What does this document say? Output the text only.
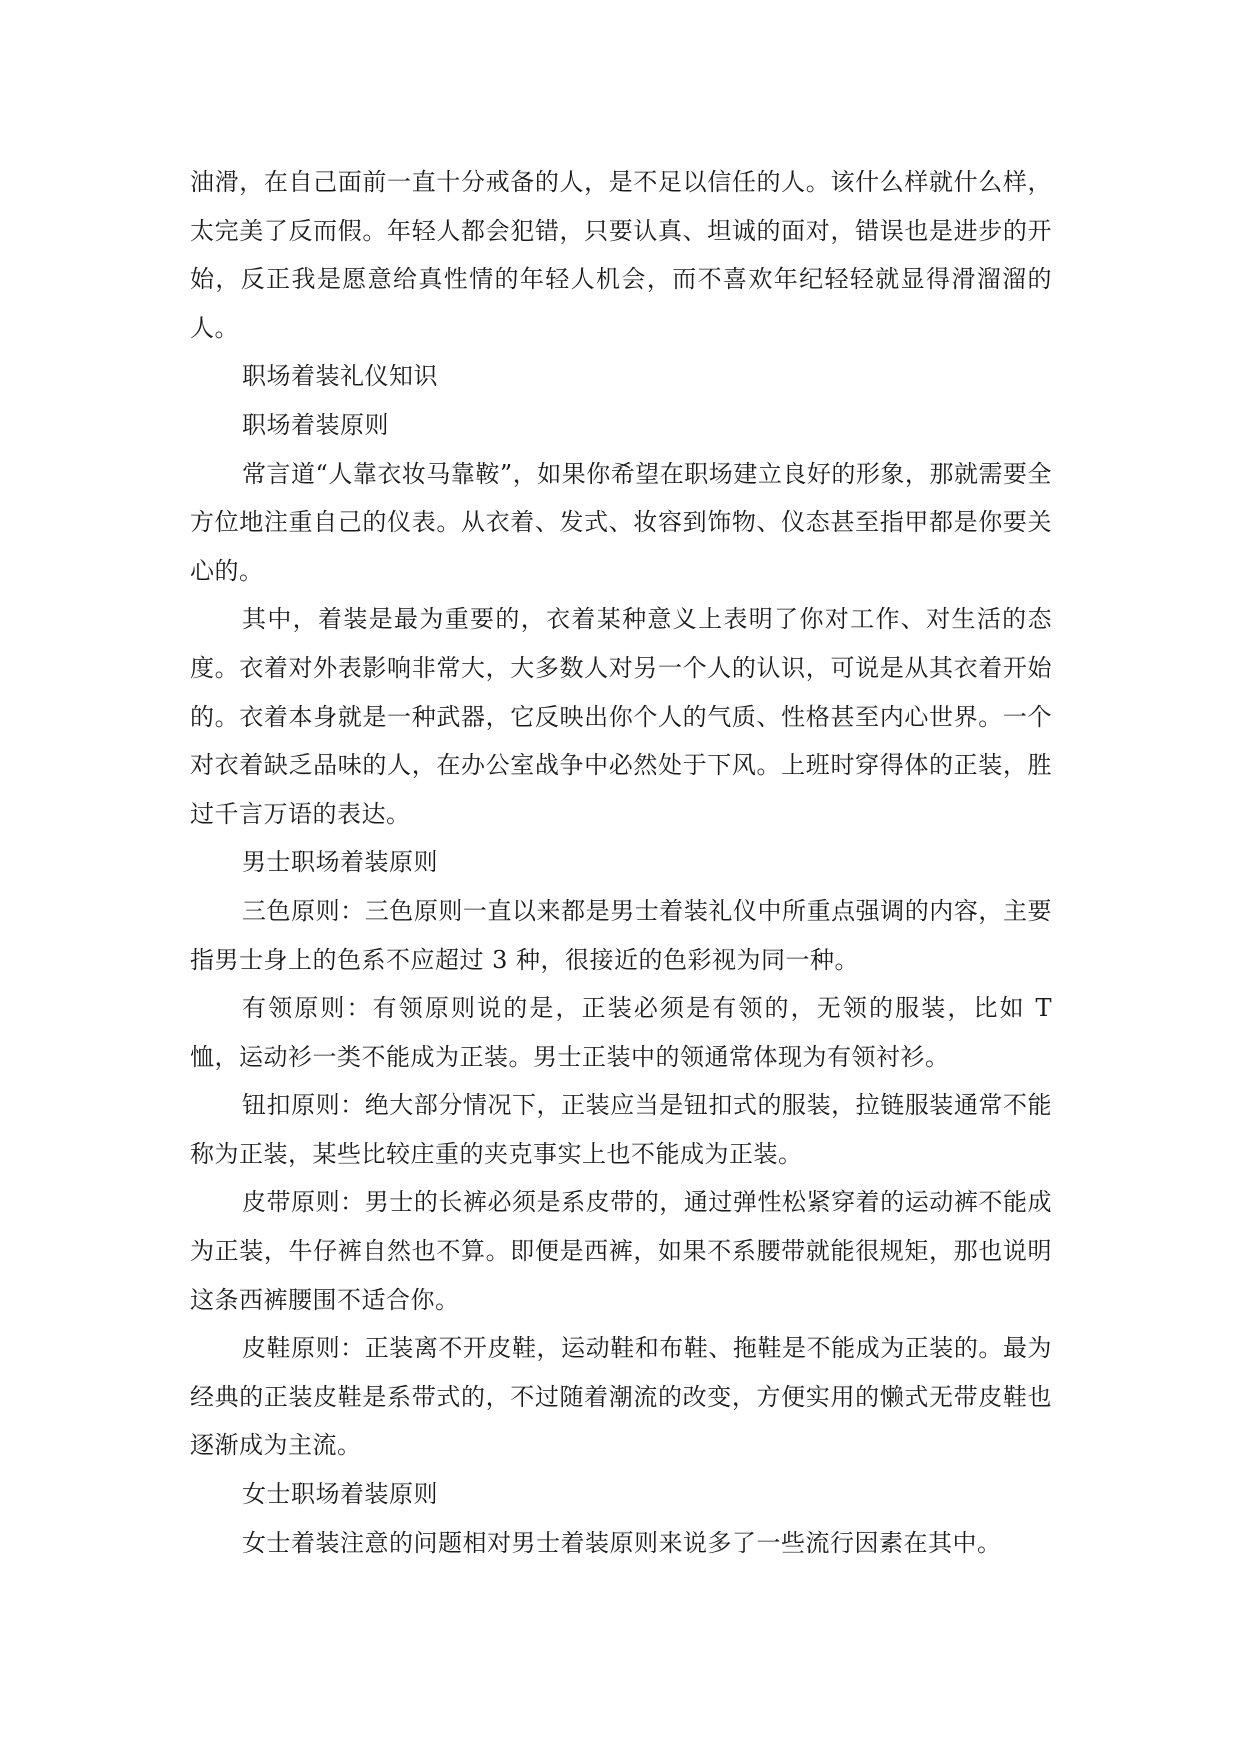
油滑，在自己面前一直十分戒备的人，是不足以信任的人。该什么样就什么样，太完美了反而假。年轻人都会犯错，只要认真、坦诚的面对，错误也是进步的开始，反正我是愿意给真性情的年轻人机会，而不喜欢年纪轻轻就显得滑溜溜的人。

职场着装礼仪知识

职场着装原则

常言道“人靠衣妆马靠鞍”，如果你希望在职场建立良好的形象，那就需要全方位地注重自己的仪表。从衣着、发式、妆容到饰物、仪态甚至指甲都是你要关心的。

其中，着装是最为重要的，衣着某种意义上表明了你对工作、对生活的态度。衣着对外表影响非常大，大多数人对另一个人的认识，可说是从其衣着开始的。衣着本身就是一种武器，它反映出你个人的气质、性格甚至内心世界。一个对衣着缺乏品味的人，在办公室战争中必然处于下风。上班时穿得体的正装，胜过千言万语的表达。

男士职场着装原则

三色原则：三色原则一直以来都是男士着装礼仪中所重点强调的内容，主要指男士身上的色系不应超过 3 种，很接近的色彩视为同一种。

有领原则：有领原则说的是，正装必须是有领的，无领的服装，比如 T 恤，运动衫一类不能成为正装。男士正装中的领通常体现为有领衬衫。

钮扣原则：绝大部分情况下，正装应当是钮扣式的服装，拉链服装通常不能称为正装，某些比较庄重的夹克事实上也不能成为正装。

皮带原则：男士的长裤必须是系皮带的，通过弹性松紧穿着的运动裤不能成为正装，牛仔裤自然也不算。即便是西裤，如果不系腰带就能很规矩，那也说明这条西裤腰围不适合你。

皮鞋原则：正装离不开皮鞋，运动鞋和布鞋、拖鞋是不能成为正装的。最为经典的正装皮鞋是系带式的，不过随着潮流的改变，方便实用的懒式无带皮鞋也逐渐成为主流。

女士职场着装原则

女士着装注意的问题相对男士着装原则来说多了一些流行因素在其中。
